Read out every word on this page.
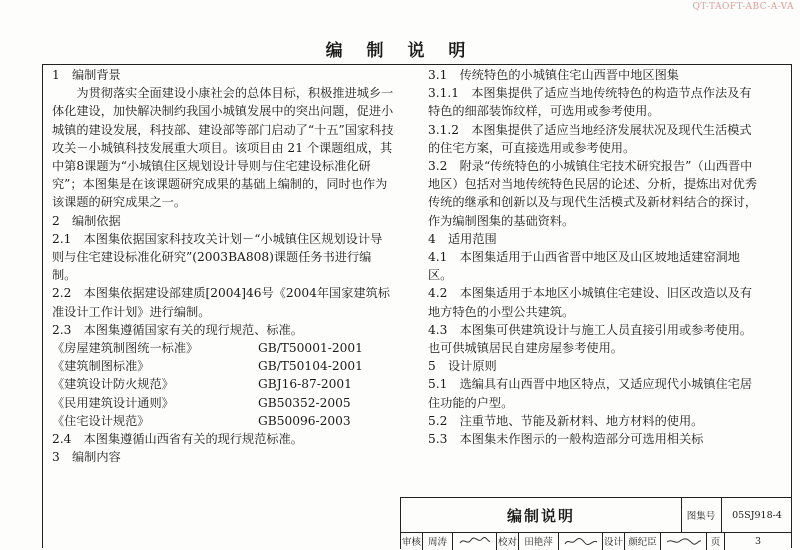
QT-TAOFT-ABC-A-VA
编 制 说 明

1　编制背景

为贯彻落实全面建设小康社会的总体目标，积极推进城乡一体化建设，加快解决制约我国小城镇发展中的突出问题，促进小城镇的建设发展，科技部、建设部等部门启动了“十五”国家科技攻关－小城镇科技发展重大项目。该项目由 21 个课题组成，其中第8课题为“小城镇住区规划设计导则与住宅建设标准化研究”；本图集是在该课题研究成果的基础上编制的，同时也作为该课题的研究成果之一。

2　编制依据

2.1　本图集依据国家科技攻关计划－“小城镇住区规划设计导则与住宅建设标准化研究”(2003BA808)课题任务书进行编制。

2.2　本图集依据建设部建质[2004]46号《2004年国家建筑标准设计工作计划》进行编制。

2.3　本图集遵循国家有关的现行规范、标准。

《房屋建筑制图统一标准》	GB/T50001-2001
《建筑制图标准》	GB/T50104-2001
《建筑设计防火规范》	GBJ16-87-2001
《民用建筑设计通则》	GB50352-2005
《住宅设计规范》	GB50096-2003

2.4　本图集遵循山西省有关的现行规范标准。

3　编制内容

3.1　传统特色的小城镇住宅山西晋中地区图集

3.1.1　本图集提供了适应当地传统特色的构造节点作法及有特色的细部装饰纹样，可选用或参考使用。

3.1.2　本图集提供了适应当地经济发展状况及现代生活模式的住宅方案，可直接选用或参考使用。

3.2　附录“传统特色的小城镇住宅技术研究报告”（山西晋中地区）包括对当地传统特色民居的论述、分析，提炼出对优秀传统的继承和创新以及与现代生活模式及新材料结合的探讨，作为编制图集的基础资料。

4　适用范围

4.1　本图集适用于山西省晋中地区及山区坡地适建窑洞地区。

4.2　本图集适用于本地区小城镇住宅建设、旧区改造以及有地方特色的小型公共建筑。

4.3　本图集可供建筑设计与施工人员直接引用或参考使用。也可供城镇居民自建房屋参考使用。

5　设计原则

5.1　选编具有山西晋中地区特点，又适应现代小城镇住宅居住功能的户型。

5.2　注重节地、节能及新材料、地方材料的使用。

5.3　本图集未作图示的一般构造部分可选用相关标

编制说明	图集号	05SJ918-4
审核 周涛	校对 田艳萍	设计 颜纪臣	页	3
